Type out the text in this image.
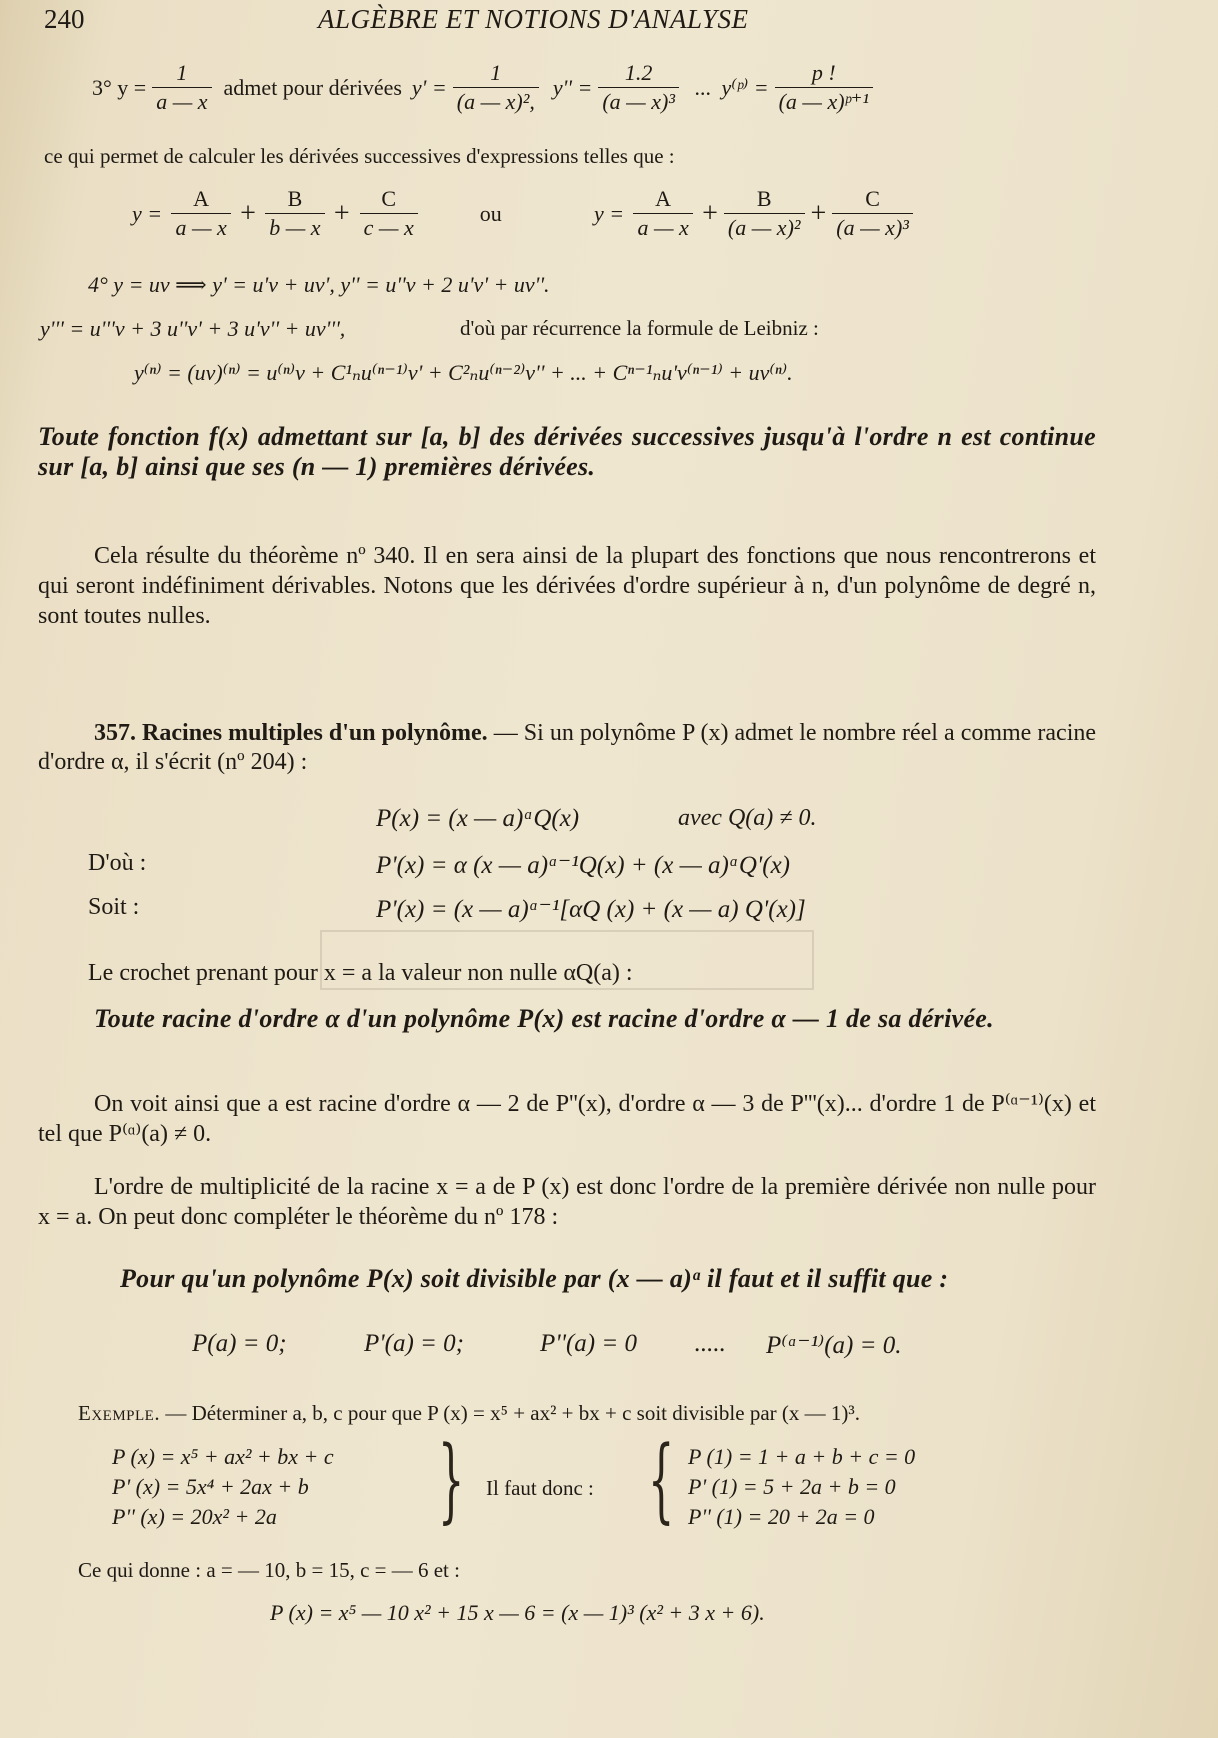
240	ALGÈBRE ET NOTIONS D'ANALYSE
3° $y = \frac{1}{a — x}$ admet pour dérivées $y' = \frac{1}{\text{(a — x)²,}} y'' = \frac{1.2}{\text{(a — x)³}}$ ... y⁽ᵖ⁾ = $\frac{p !}{\text{(a — x)ᵖ⁺¹}}$
ce qui permet de calculer les dérivées successives d'expressions telles que :
$y = \frac{A}{a — x} + \frac{B}{b — x} + \frac{C}{c — x}$	ou	$y = \frac{A}{a — x} + \frac{B}{\text{(a — x)²}} + \frac{C}{\text{(a — x)³}}$
4° y = uv ⟹ y' = u'v + uv', y'' = u''v + 2 u'v' + uv''.
y''' = u'''v + 3 u''v' + 3 u'v'' + uv''',	d'où par récurrence la formule de Leibniz :
y⁽ⁿ⁾ = (uv)⁽ⁿ⁾ = u⁽ⁿ⁾v + C¹ₙu⁽ⁿ⁻¹⁾v' + C²ₙu⁽ⁿ⁻²⁾v'' + ... + Cⁿ⁻¹ₙu'v⁽ⁿ⁻¹⁾ + uv⁽ⁿ⁾.
Toute fonction f(x) admettant sur [a, b] des dérivées successives jusqu'à l'ordre n est continue sur [a, b] ainsi que ses (n — 1) premières dérivées.
Cela résulte du théorème nº 340. Il en sera ainsi de la plupart des fonctions que nous rencontrerons et qui seront indéfiniment dérivables. Notons que les dérivées d'ordre supérieur à n, d'un polynôme de degré n, sont toutes nulles.
357. Racines multiples d'un polynôme. — Si un polynôme P (x) admet le nombre réel a comme racine d'ordre α, il s'écrit (nº 204) :
P(x) = (x — a)ᵅQ(x)	avec Q(a) ≠ 0.
D'où :	P'(x) = α (x — a)ᵅ⁻¹Q(x) + (x — a)ᵅQ'(x)
Soit :	P'(x) = (x — a)ᵅ⁻¹[αQ (x) + (x — a) Q'(x)]
Le crochet prenant pour x = a la valeur non nulle αQ(a) :
Toute racine d'ordre α d'un polynôme P(x) est racine d'ordre α — 1 de sa dérivée.
On voit ainsi que a est racine d'ordre α — 2 de P''(x), d'ordre α — 3 de P'''(x)... d'ordre 1 de P⁽ᵅ⁻¹⁾(x) et tel que P⁽ᵅ⁾(a) ≠ 0.
L'ordre de multiplicité de la racine x = a de P (x) est donc l'ordre de la première dérivée non nulle pour x = a. On peut donc compléter le théorème du nº 178 :
Pour qu'un polynôme P(x) soit divisible par (x — a)ᵅ il faut et il suffit que :
P(a) = 0;	P'(a) = 0;	P''(a) = 0 ..... P⁽ᵅ⁻¹⁾(a) = 0.
Exemple. — Déterminer a, b, c pour que P (x) = x⁵ + ax² + bx + c soit divisible par (x — 1)³.
P (x) = x⁵ + ax² + bx + c
P' (x) = 5x⁴ + 2ax + b
P'' (x) = 20x² + 2a } Il faut donc : { P (1) = 1 + a + b + c = 0
P' (1) = 5 + 2a + b = 0
P'' (1) = 20 + 2a = 0
Ce qui donne : a = — 10, b = 15, c = — 6 et :
P (x) = x⁵ — 10 x² + 15 x — 6 = (x — 1)³ (x² + 3 x + 6).
